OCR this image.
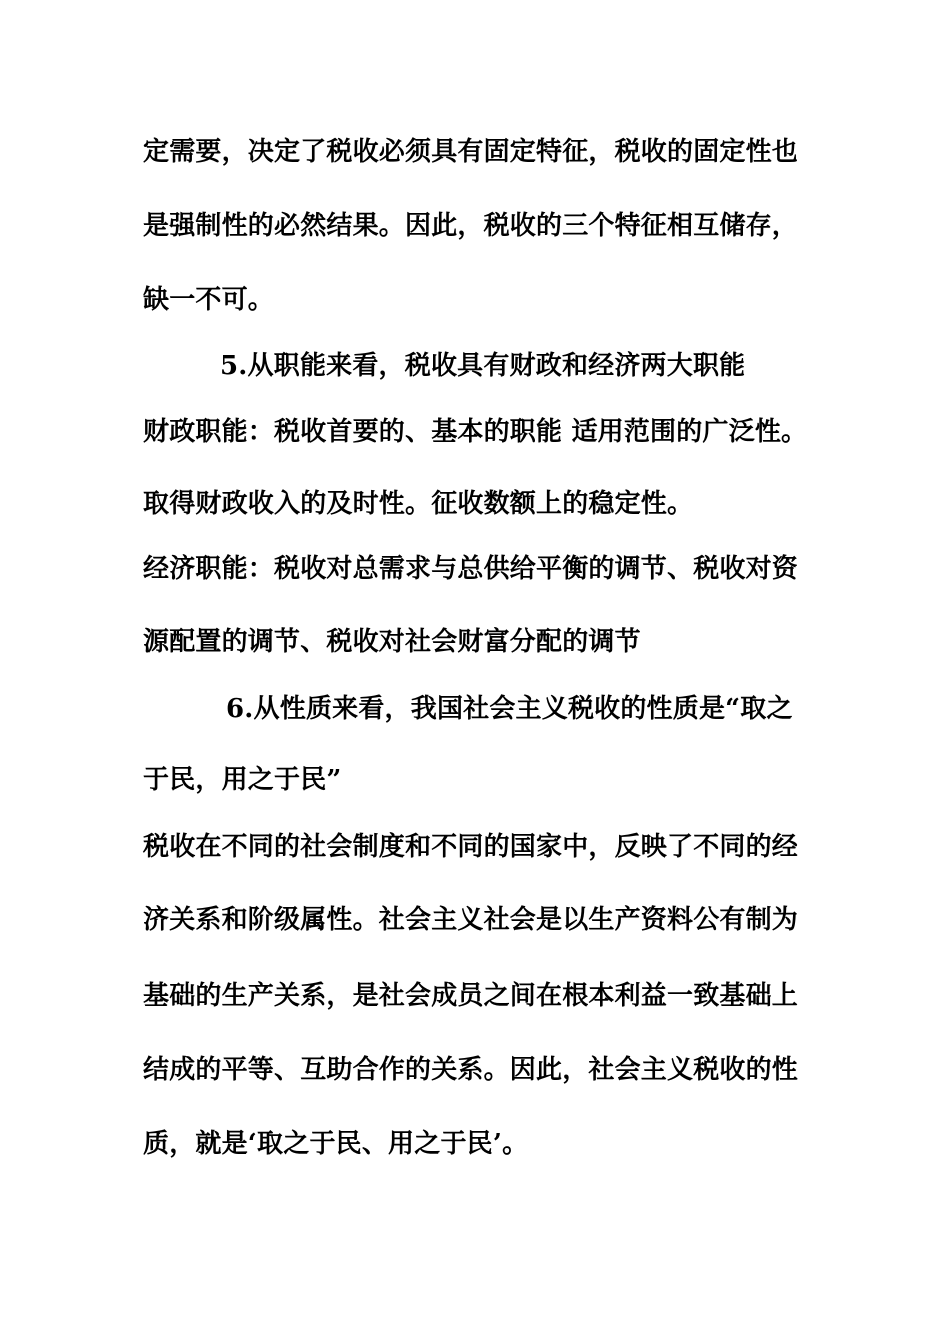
定需要，决定了税收必须具有固定特征，税收的固定性也
是强制性的必然结果。因此，税收的三个特征相互储存，
缺一不可。
5.从职能来看，税收具有财政和经济两大职能
财政职能：税收首要的、基本的职能 适用范围的广泛性。
取得财政收入的及时性。征收数额上的稳定性。
经济职能：税收对总需求与总供给平衡的调节、税收对资
源配置的调节、税收对社会财富分配的调节
6.从性质来看，我国社会主义税收的性质是“取之
于民，用之于民”
税收在不同的社会制度和不同的国家中，反映了不同的经
济关系和阶级属性。社会主义社会是以生产资料公有制为
基础的生产关系，是社会成员之间在根本利益一致基础上
结成的平等、互助合作的关系。因此，社会主义税收的性
质，就是‘取之于民、用之于民’。
